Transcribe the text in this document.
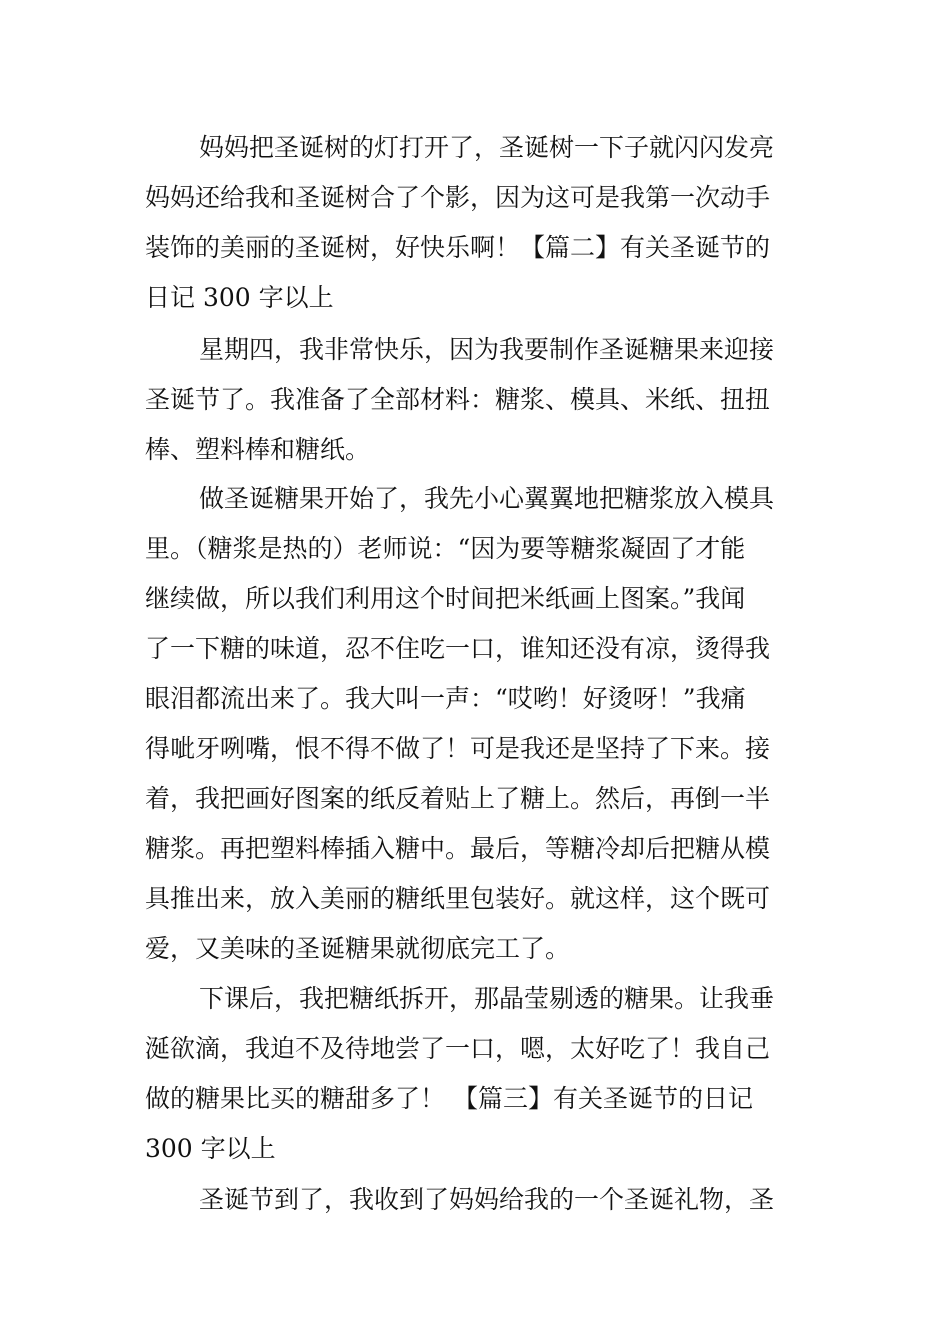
妈妈把圣诞树的灯打开了，圣诞树一下子就闪闪发亮
妈妈还给我和圣诞树合了个影，因为这可是我第一次动手
装饰的美丽的圣诞树，好快乐啊！【篇二】有关圣诞节的
日记 300 字以上
星期四，我非常快乐，因为我要制作圣诞糖果来迎接
圣诞节了。我准备了全部材料：糖浆、模具、米纸、扭扭
棒、塑料棒和糖纸。
做圣诞糖果开始了，我先小心翼翼地把糖浆放入模具
里。（糖浆是热的）老师说：“因为要等糖浆凝固了才能
继续做，所以我们利用这个时间把米纸画上图案。”我闻
了一下糖的味道，忍不住吃一口，谁知还没有凉，烫得我
眼泪都流出来了。我大叫一声：“哎哟！好烫呀！”我痛
得呲牙咧嘴，恨不得不做了！可是我还是坚持了下来。接
着，我把画好图案的纸反着贴上了糖上。然后，再倒一半
糖浆。再把塑料棒插入糖中。最后，等糖冷却后把糖从模
具推出来，放入美丽的糖纸里包装好。就这样，这个既可
爱，又美味的圣诞糖果就彻底完工了。
下课后，我把糖纸拆开，那晶莹剔透的糖果。让我垂
涎欲滴，我迫不及待地尝了一口，嗯，太好吃了！我自己
做的糖果比买的糖甜多了！ 【篇三】有关圣诞节的日记
300 字以上
圣诞节到了，我收到了妈妈给我的一个圣诞礼物，圣
